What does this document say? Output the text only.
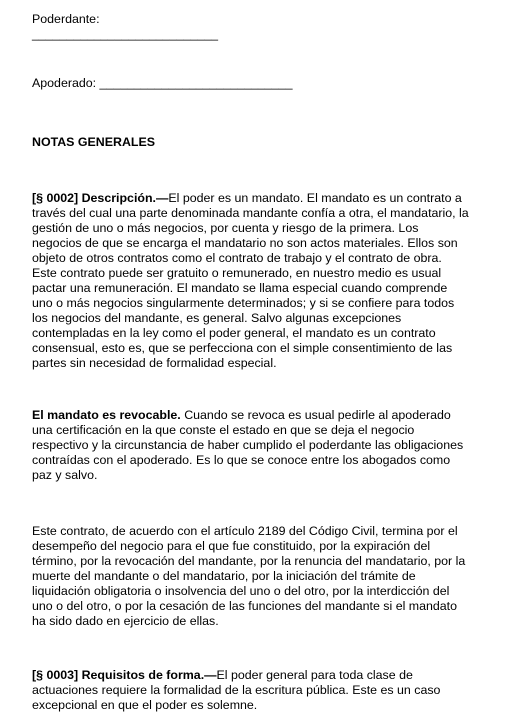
Poderdante:
___________________________
Apoderado: ____________________________
NOTAS GENERALES
[§ 0002] Descripción.—El poder es un mandato. El mandato es un contrato a
través del cual una parte denominada mandante confía a otra, el mandatario, la
gestión de uno o más negocios, por cuenta y riesgo de la primera. Los
negocios de que se encarga el mandatario no son actos materiales. Ellos son
objeto de otros contratos como el contrato de trabajo y el contrato de obra.
Este contrato puede ser gratuito o remunerado, en nuestro medio es usual
pactar una remuneración. El mandato se llama especial cuando comprende
uno o más negocios singularmente determinados; y si se confiere para todos
los negocios del mandante, es general. Salvo algunas excepciones
contempladas en la ley como el poder general, el mandato es un contrato
consensual, esto es, que se perfecciona con el simple consentimiento de las
partes sin necesidad de formalidad especial.
El mandato es revocable. Cuando se revoca es usual pedirle al apoderado
una certificación en la que conste el estado en que se deja el negocio
respectivo y la circunstancia de haber cumplido el poderdante las obligaciones
contraídas con el apoderado. Es lo que se conoce entre los abogados como
paz y salvo.
Este contrato, de acuerdo con el artículo 2189 del Código Civil, termina por el
desempeño del negocio para el que fue constituido, por la expiración del
término, por la revocación del mandante, por la renuncia del mandatario, por la
muerte del mandante o del mandatario, por la iniciación del trámite de
liquidación obligatoria o insolvencia del uno o del otro, por la interdicción del
uno o del otro, o por la cesación de las funciones del mandante si el mandato
ha sido dado en ejercicio de ellas.
[§ 0003] Requisitos de forma.—El poder general para toda clase de
actuaciones requiere la formalidad de la escritura pública. Este es un caso
excepcional en que el poder es solemne.
